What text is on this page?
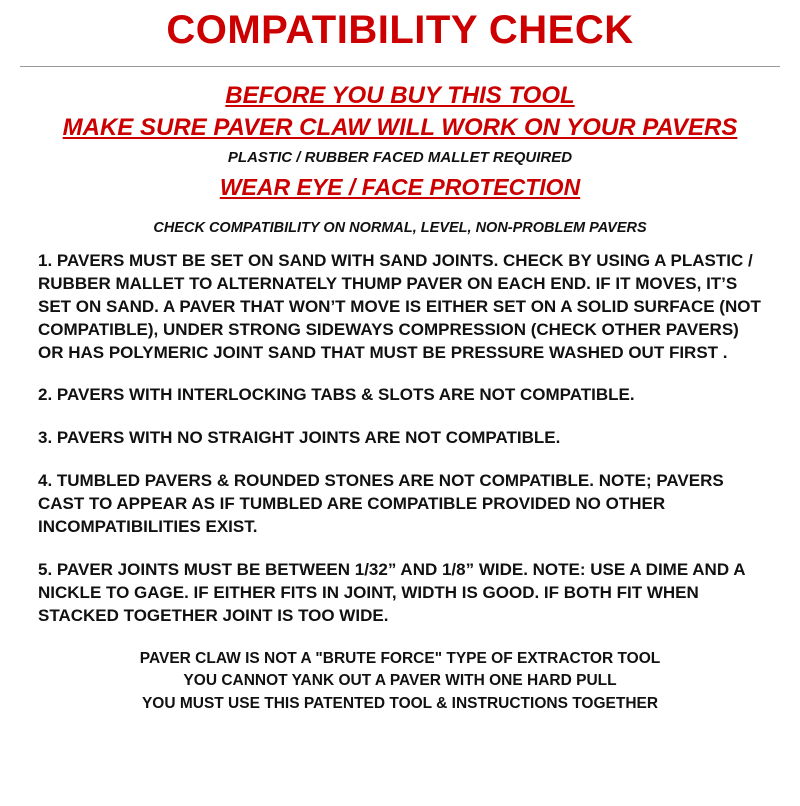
COMPATIBILITY CHECK

BEFORE YOU BUY THIS TOOL

MAKE SURE PAVER CLAW WILL WORK ON YOUR PAVERS

PLASTIC / RUBBER FACED MALLET REQUIRED

WEAR EYE / FACE PROTECTION

CHECK COMPATIBILITY ON NORMAL, LEVEL, NON-PROBLEM PAVERS

1. PAVERS MUST BE SET ON SAND WITH SAND JOINTS. CHECK BY USING A PLASTIC / RUBBER MALLET TO ALTERNATELY THUMP PAVER ON EACH END. IF IT MOVES, IT’S SET ON SAND. A PAVER THAT WON’T MOVE IS EITHER SET ON A SOLID SURFACE (NOT COMPATIBLE), UNDER STRONG SIDEWAYS COMPRESSION (CHECK OTHER PAVERS) OR HAS POLYMERIC JOINT SAND THAT MUST BE PRESSURE WASHED OUT FIRST .

2. PAVERS WITH INTERLOCKING TABS & SLOTS ARE NOT COMPATIBLE.

3. PAVERS WITH NO STRAIGHT JOINTS ARE NOT COMPATIBLE.

4. TUMBLED PAVERS & ROUNDED STONES ARE NOT COMPATIBLE. NOTE; PAVERS CAST TO APPEAR AS IF TUMBLED ARE COMPATIBLE PROVIDED NO OTHER INCOMPATIBILITIES EXIST.

5. PAVER JOINTS MUST BE BETWEEN 1/32” AND 1/8” WIDE. NOTE: USE A DIME AND A NICKLE TO GAGE. IF EITHER FITS IN JOINT, WIDTH IS GOOD. IF BOTH FIT WHEN STACKED TOGETHER JOINT IS TOO WIDE.

PAVER CLAW IS NOT A "BRUTE FORCE" TYPE OF EXTRACTOR TOOL
YOU CANNOT YANK OUT A PAVER WITH ONE HARD PULL
YOU MUST USE THIS PATENTED TOOL & INSTRUCTIONS TOGETHER
